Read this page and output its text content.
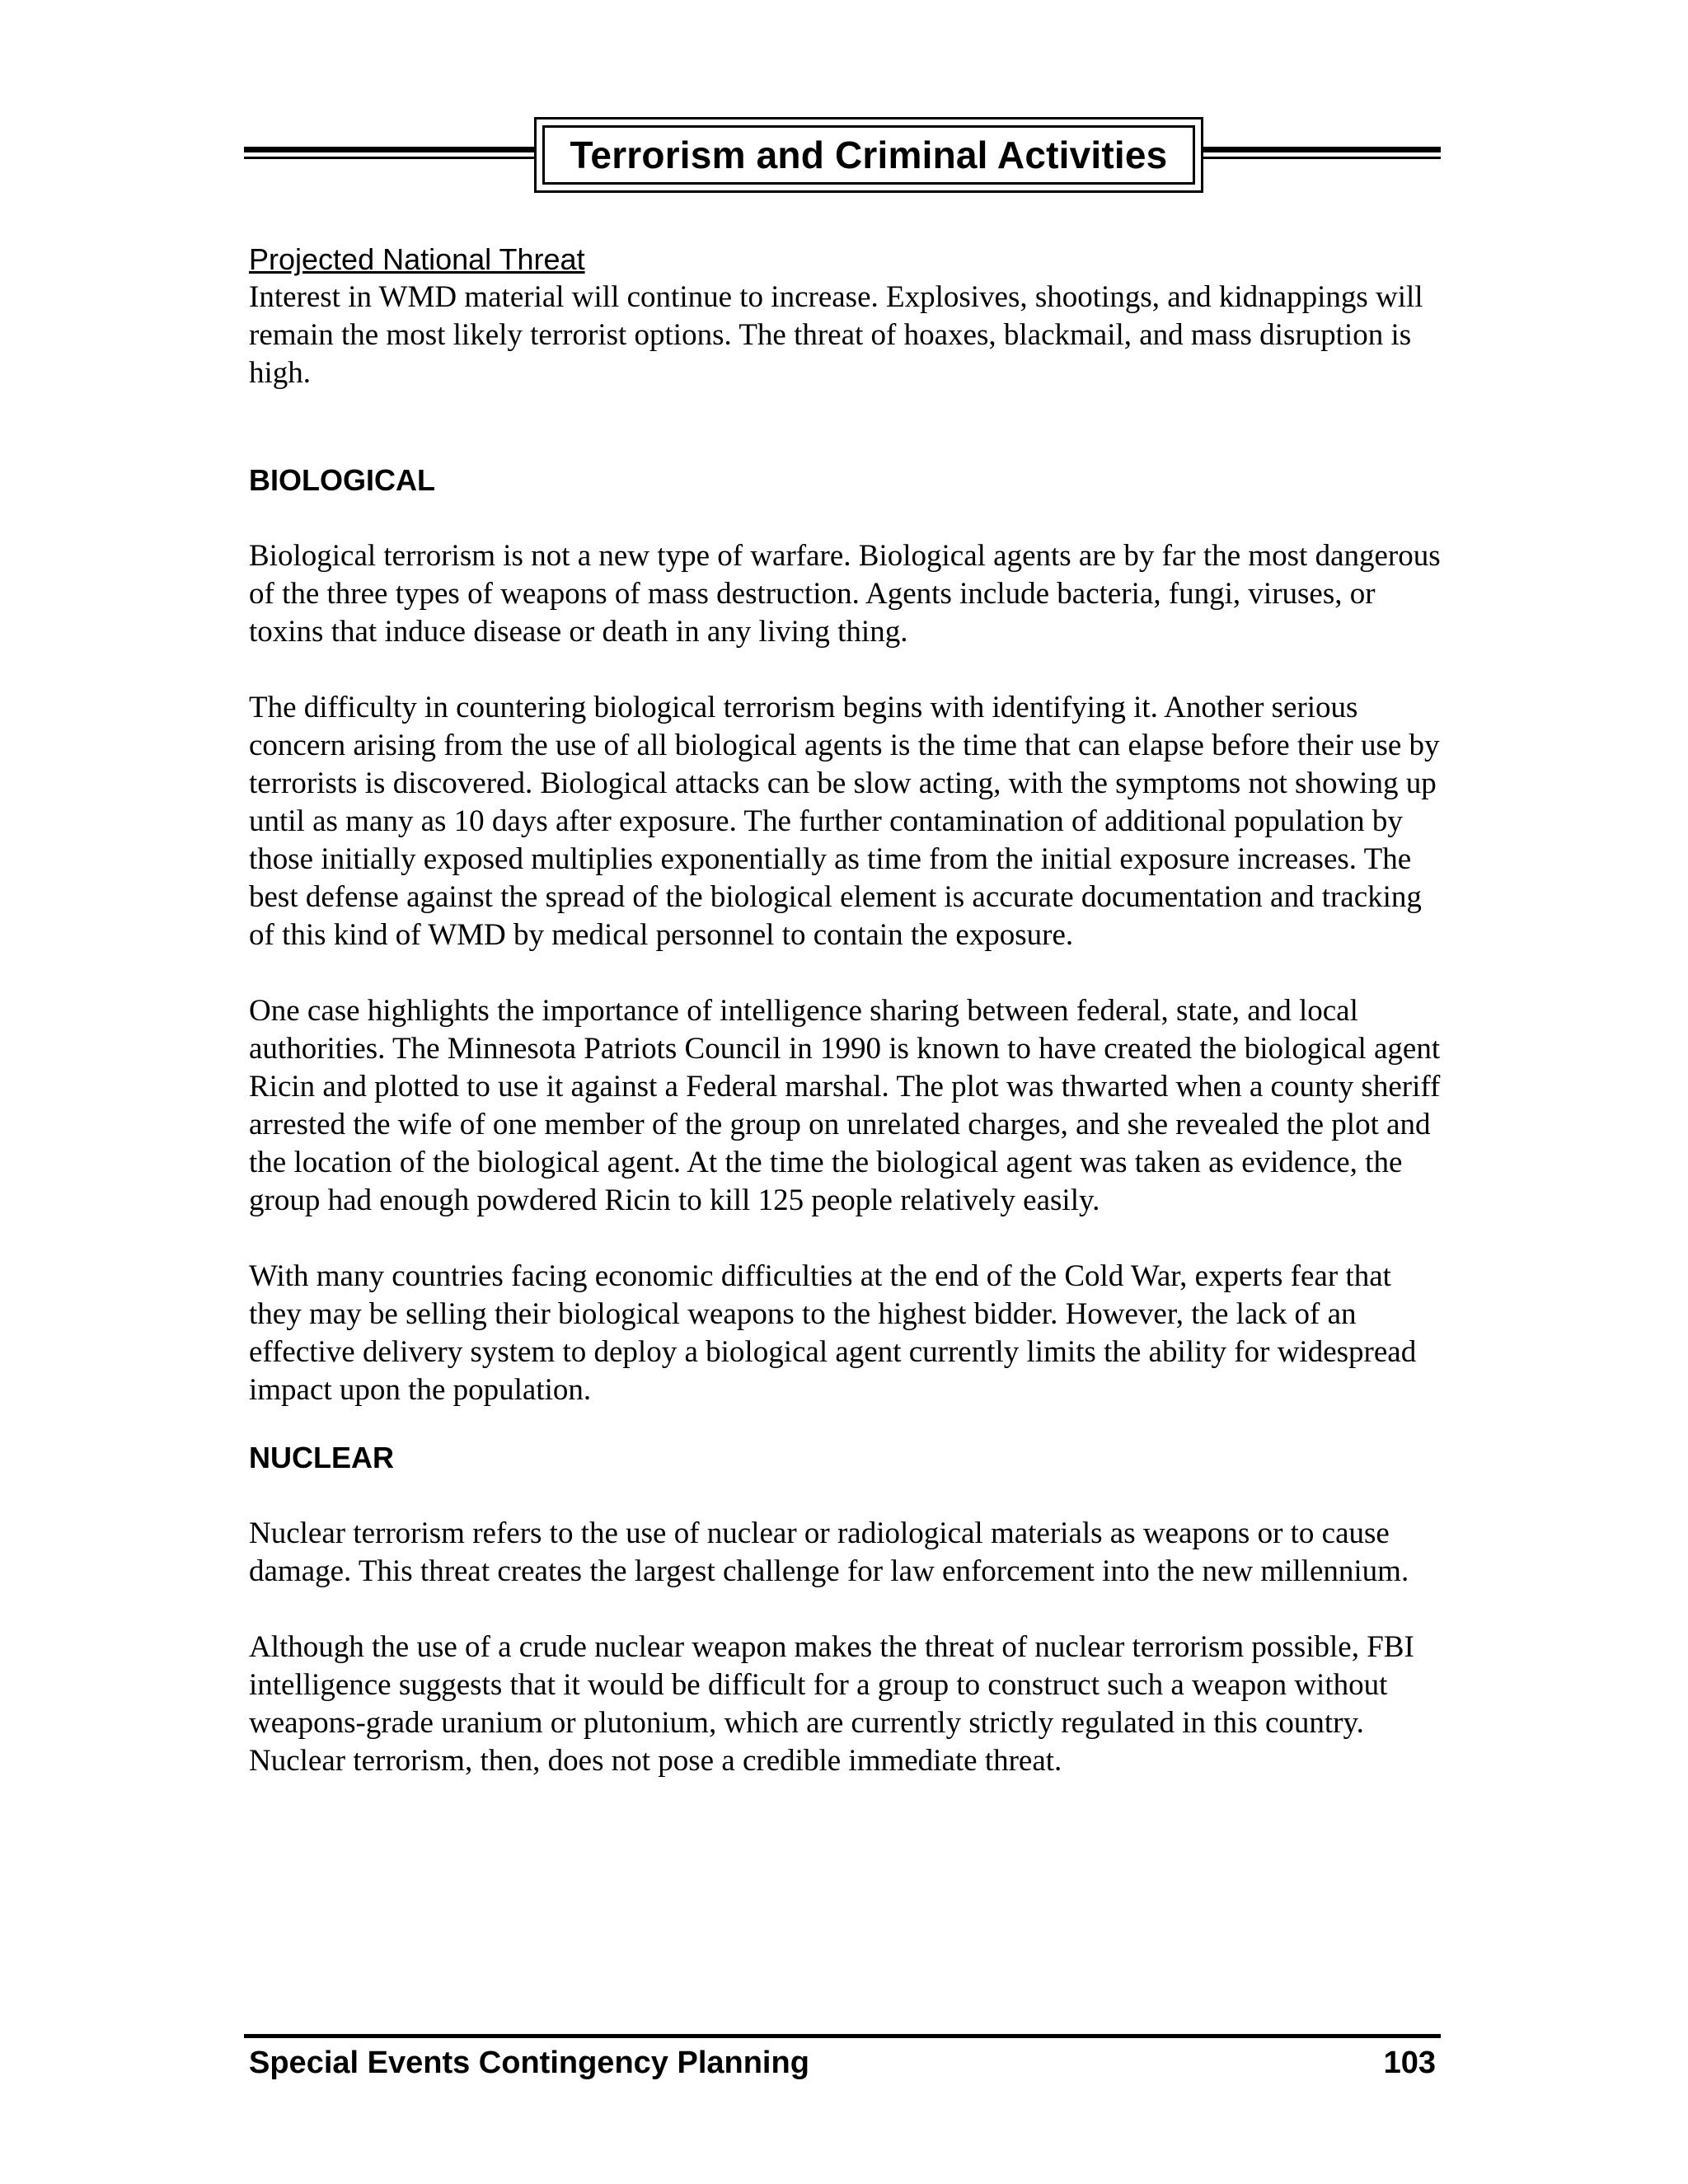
Terrorism and Criminal Activities

Projected National Threat

Interest in WMD material will continue to increase. Explosives, shootings, and kidnappings will remain the most likely terrorist options. The threat of hoaxes, blackmail, and mass disruption is high.

BIOLOGICAL

Biological terrorism is not a new type of warfare. Biological agents are by far the most dangerous of the three types of weapons of mass destruction. Agents include bacteria, fungi, viruses, or toxins that induce disease or death in any living thing.

The difficulty in countering biological terrorism begins with identifying it. Another serious concern arising from the use of all biological agents is the time that can elapse before their use by terrorists is discovered. Biological attacks can be slow acting, with the symptoms not showing up until as many as 10 days after exposure. The further contamination of additional population by those initially exposed multiplies exponentially as time from the initial exposure increases. The best defense against the spread of the biological element is accurate documentation and tracking of this kind of WMD by medical personnel to contain the exposure.

One case highlights the importance of intelligence sharing between federal, state, and local authorities. The Minnesota Patriots Council in 1990 is known to have created the biological agent Ricin and plotted to use it against a Federal marshal. The plot was thwarted when a county sheriff arrested the wife of one member of the group on unrelated charges, and she revealed the plot and the location of the biological agent. At the time the biological agent was taken as evidence, the group had enough powdered Ricin to kill 125 people relatively easily.

With many countries facing economic difficulties at the end of the Cold War, experts fear that they may be selling their biological weapons to the highest bidder. However, the lack of an effective delivery system to deploy a biological agent currently limits the ability for widespread impact upon the population.

NUCLEAR

Nuclear terrorism refers to the use of nuclear or radiological materials as weapons or to cause damage. This threat creates the largest challenge for law enforcement into the new millennium.

Although the use of a crude nuclear weapon makes the threat of nuclear terrorism possible, FBI intelligence suggests that it would be difficult for a group to construct such a weapon without weapons-grade uranium or plutonium, which are currently strictly regulated in this country. Nuclear terrorism, then, does not pose a credible immediate threat.

Special Events Contingency Planning	103
